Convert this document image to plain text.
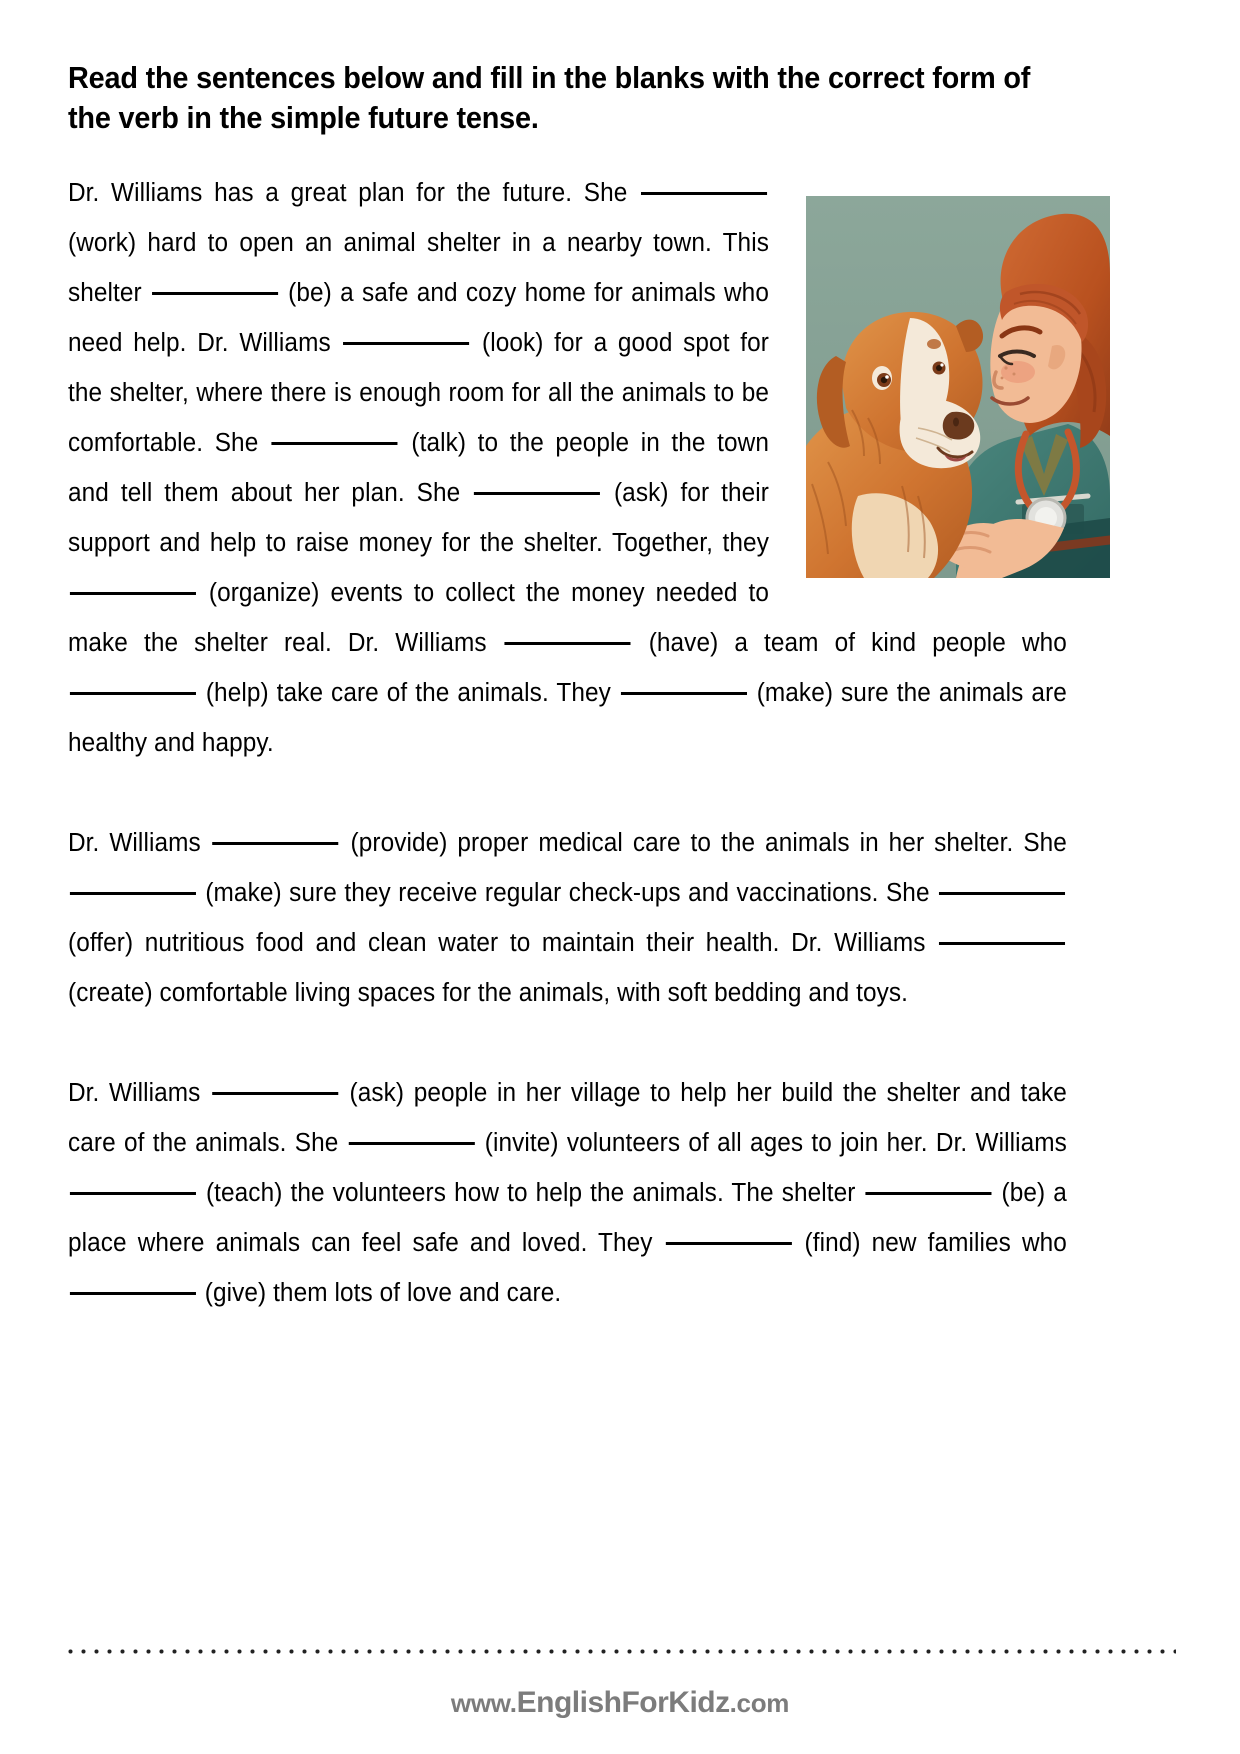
Read the sentences below and fill in the blanks with the correct form of the verb in the simple future tense.

Dr. Williams has a great plan for the future. She   (work) hard to open an animal shelter in a nearby town. This shelter	(be) a safe and cozy home for animals who need help. Dr. Williams	(look) for a good spot for the shelter, where there is enough room for all the animals to be comfortable. She	(talk) to the people in the town and tell them about her plan. She	(ask) for their support and help to raise money for the shelter. Together, they   (organize) events to collect the money needed to make the shelter real. Dr. Williams	(have) a team of kind people who   (help) take care of the animals. They	(make) sure the animals are healthy and happy.

Dr. Williams	(provide) proper medical care to the animals in her shelter. She   (make) sure they receive regular check-ups and vaccinations. She   (offer) nutritious food and clean water to maintain their health. Dr. Williams   (create) comfortable living spaces for the animals, with soft bedding and toys.

Dr. Williams	(ask) people in her village to help her build the shelter and take care of the animals. She	(invite) volunteers of all ages to join her. Dr. Williams   (teach) the volunteers how to help the animals. The shelter	(be) a place where animals can feel safe and loved. They	(find) new families who   (give) them lots of love and care.

www.EnglishForKidz.com
